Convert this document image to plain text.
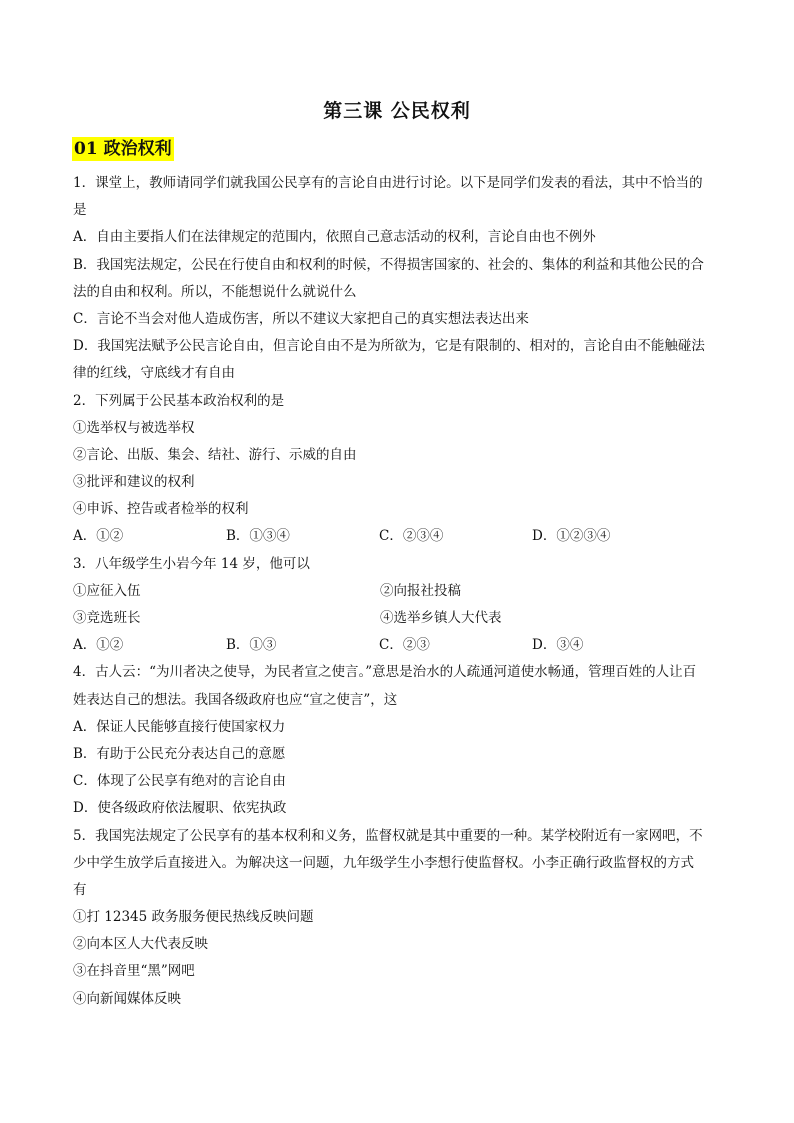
第三课 公民权利
01 政治权利
1．课堂上，教师请同学们就我国公民享有的言论自由进行讨论。以下是同学们发表的看法，其中不恰当的
是
A．自由主要指人们在法律规定的范围内，依照自己意志活动的权利，言论自由也不例外
B．我国宪法规定，公民在行使自由和权利的时候，不得损害国家的、社会的、集体的利益和其他公民的合
法的自由和权利。所以，不能想说什么就说什么
C．言论不当会对他人造成伤害，所以不建议大家把自己的真实想法表达出来
D．我国宪法赋予公民言论自由，但言论自由不是为所欲为，它是有限制的、相对的，言论自由不能触碰法
律的红线，守底线才有自由
2．下列属于公民基本政治权利的是
①选举权与被选举权
②言论、出版、集会、结社、游行、示威的自由
③批评和建议的权利
④申诉、控告或者检举的权利
A．①②	B．①③④	C．②③④	D．①②③④
3．八年级学生小岩今年 14 岁，他可以
①应征入伍	②向报社投稿
③竞选班长	④选举乡镇人大代表
A．①②	B．①③	C．②③	D．③④
4．古人云：“为川者决之使导，为民者宣之使言。”意思是治水的人疏通河道使水畅通，管理百姓的人让百
姓表达自己的想法。我国各级政府也应“宣之使言”，这
A．保证人民能够直接行使国家权力
B．有助于公民充分表达自己的意愿
C．体现了公民享有绝对的言论自由
D．使各级政府依法履职、依宪执政
5．我国宪法规定了公民享有的基本权利和义务，监督权就是其中重要的一种。某学校附近有一家网吧，不
少中学生放学后直接进入。为解决这一问题，九年级学生小李想行使监督权。小李正确行政监督权的方式
有
①打 12345 政务服务便民热线反映问题
②向本区人大代表反映
③在抖音里“黑”网吧
④向新闻媒体反映
